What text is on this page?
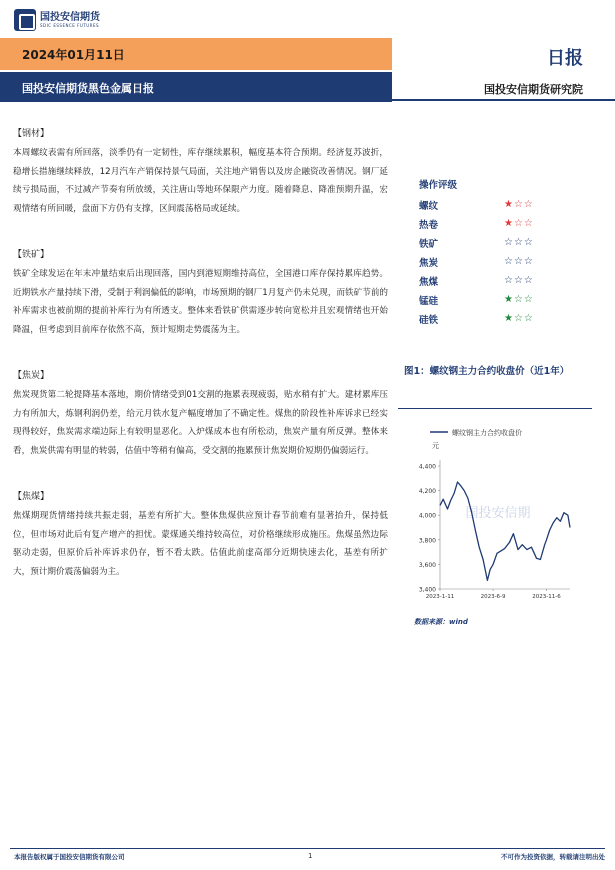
国投安信期货
SDIC ESSENCE FUTURES
2024年01月11日	日报
国投安信期货黑色金属日报	国投安信期货研究院
【钢材】
本周螺纹表需有所回落，淡季仍有一定韧性，库存继续累积，幅度基本符合预期。经济复苏波折，稳增长措施继续释放，12月汽车产销保持景气局面，关注地产销售以及房企融资改善情况。钢厂延续亏损局面，不过减产节奏有所放缓，关注唐山等地环保限产力度。随着降息、降准预期升温，宏观情绪有所回暖，盘面下方仍有支撑，区间震荡格局或延续。
【铁矿】
铁矿全球发运在年末冲量结束后出现回落，国内到港短期维持高位，全国港口库存保持累库趋势。近期铁水产量持续下滑，受制于利润偏低的影响，市场预期的钢厂1月复产仍未兑现，而铁矿节前的补库需求也被前期的提前补库行为有所透支。整体来看铁矿供需逐步转向宽松并且宏观情绪也开始降温，但考虑到目前库存依然不高，预计短期走势震荡为主。
【焦炭】
焦炭现货第二轮提降基本落地，期价情绪受到01交割的拖累表现疲弱，贴水稍有扩大。建材累库压力有所加大，炼钢利润仍差，给元月铁水复产幅度增加了不确定性。煤焦的阶段性补库诉求已经实现得较好，焦炭需求端边际上有较明显恶化。入炉煤成本也有所松动，焦炭产量有所反弹。整体来看，焦炭供需有明显的转弱，估值中等稍有偏高，受交割的拖累预计焦炭期价短期仍偏弱运行。
【焦煤】
焦煤期现货情绪持续共振走弱，基差有所扩大。整体焦煤供应预计春节前难有显著抬升，保持低位，但市场对此后有复产增产的担忧。蒙煤通关维持较高位，对价格继续形成施压。焦煤虽然边际驱动走弱，但原价后补库诉求仍存，暂不看太跌。估值此前虚高部分近期快速去化，基差有所扩大，预计期价震荡偏弱为主。
操作评级
螺纹	★☆☆
热卷	★☆☆
铁矿	☆☆☆
焦炭	☆☆☆
焦煤	☆☆☆
锰硅	★☆☆
硅铁	★☆☆
图1：螺纹钢主力合约收盘价（近1年）
国投安信期
螺纹钢主力合约收盘价
元
3,400
3,600
3,800
4,000
4,200
4,400
2023-1-11	2023-6-9	2023-11-6
数据来源：wind
本报告版权属于国投安信期货有限公司	1	不可作为投资依据，转载请注明出处
